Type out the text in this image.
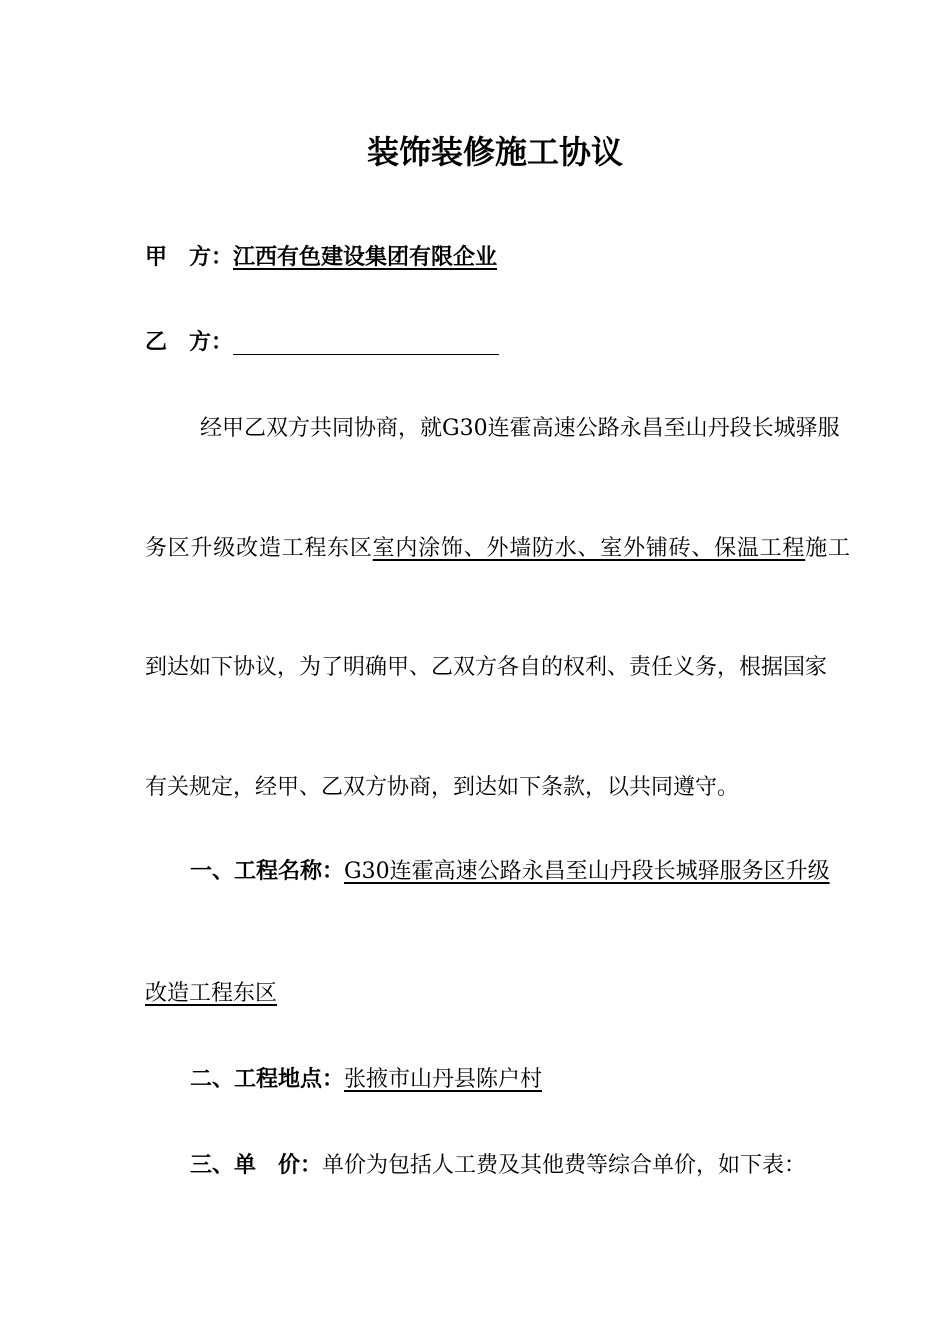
装饰装修施工协议
甲 方：江西有色建设集团有限企业
乙 方：
经甲乙双方共同协商，就G30连霍高速公路永昌至山丹段长城驿服
务区升级改造工程东区室内涂饰、外墙防水、室外铺砖、保温工程施工
到达如下协议，为了明确甲、乙双方各自的权利、责任义务，根据国家
有关规定，经甲、乙双方协商，到达如下条款，以共同遵守。
一、工程名称：G30连霍高速公路永昌至山丹段长城驿服务区升级
改造工程东区
二、工程地点：张掖市山丹县陈户村
三、单 价：单价为包括人工费及其他费等综合单价，如下表：
